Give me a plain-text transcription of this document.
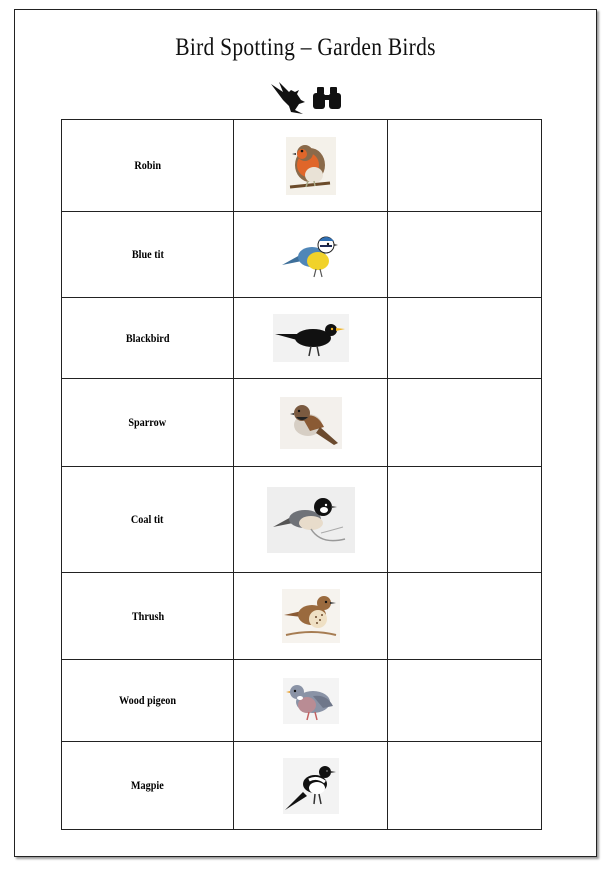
Bird Spotting – Garden Birds

Robin		
Blue tit		
Blackbird		
Sparrow		
Coal tit		
Thrush		
Wood pigeon		
Magpie		
